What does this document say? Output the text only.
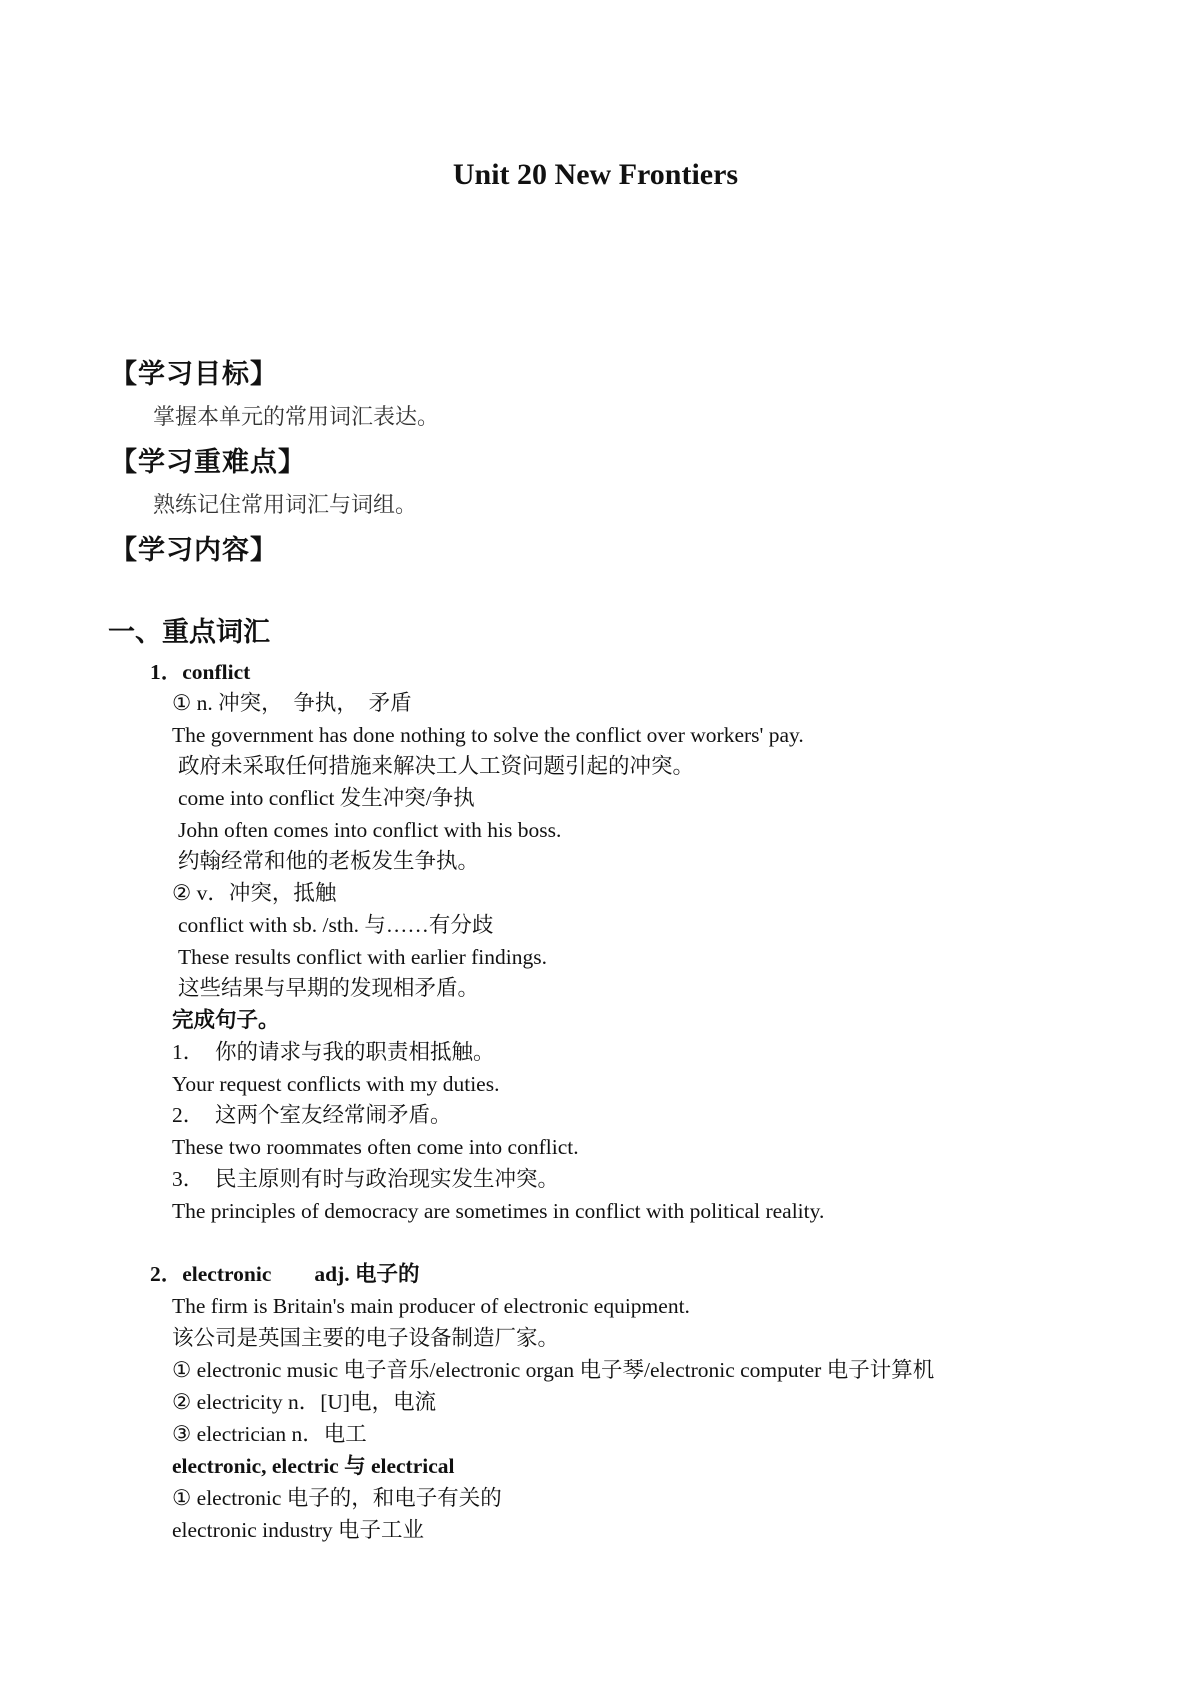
Unit 20 New Frontiers
【学习目标】
掌握本单元的常用词汇表达。
【学习重难点】
熟练记住常用词汇与词组。
【学习内容】
一、重点词汇
1．conflict
① n. 冲突，　争执，　矛盾
The government has done nothing to solve the conflict over workers' pay.
政府未采取任何措施来解决工人工资问题引起的冲突。
come into conflict 发生冲突/争执
John often comes into conflict with his boss.
约翰经常和他的老板发生争执。
② v．冲突，抵触
conflict with sb. /sth. 与……有分歧
These results conflict with earlier findings.
这些结果与早期的发现相矛盾。
完成句子。
1．　你的请求与我的职责相抵触。
Your request conflicts with my duties.
2．　这两个室友经常闹矛盾。
These two roommates often come into conflict.
3．　民主原则有时与政治现实发生冲突。
The principles of democracy are sometimes in conflict with political reality.
2．electronic　　adj. 电子的
The firm is Britain's main producer of electronic equipment.
该公司是英国主要的电子设备制造厂家。
① electronic music 电子音乐/electronic organ 电子琴/electronic computer 电子计算机
② electricity n．[U]电，电流
③ electrician n．电工
electronic, electric 与 electrical
① electronic 电子的，和电子有关的
electronic industry 电子工业
